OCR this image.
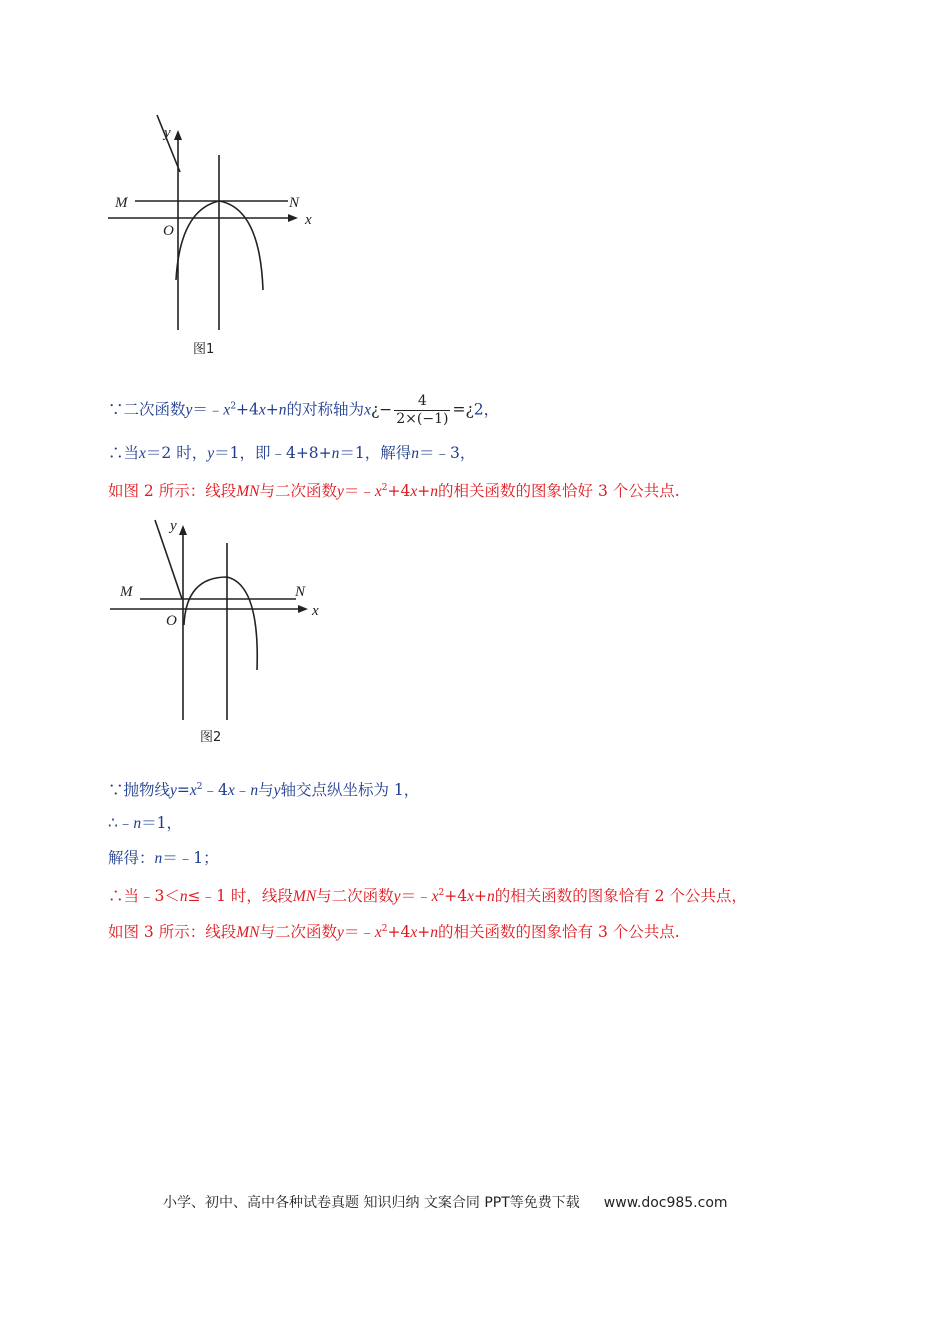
y
M	N
x
O
图1
∵二次函数$y=﹣x^2+4x+n$的对称轴为x¿− $\frac{4}{2\times(-1)}$ =¿2，
∴当x＝2 时，y＝1，即﹣4+8+n＝1，解得n＝﹣3，
如图 2 所示：线段MN与二次函数$y=﹣x^2+4x+n$的相关函数的图象恰好 3 个公共点.
y
M	N
x
O
图2
∵抛物线$y=x^2﹣4x﹣n$与y轴交点纵坐标为 1，
∴﹣n＝1，
解得：n＝﹣1；
∴当﹣3＜n≤﹣1 时，线段MN与二次函数$y=﹣x^2+4x+n$的相关函数的图象恰有 2 个公共点，
如图 3 所示：线段MN与二次函数$y=﹣x^2+4x+n$的相关函数的图象恰有 3 个公共点.
小学、初中、高中各种试卷真题 知识归纳 文案合同 PPT等免费下载 www.doc985.com
